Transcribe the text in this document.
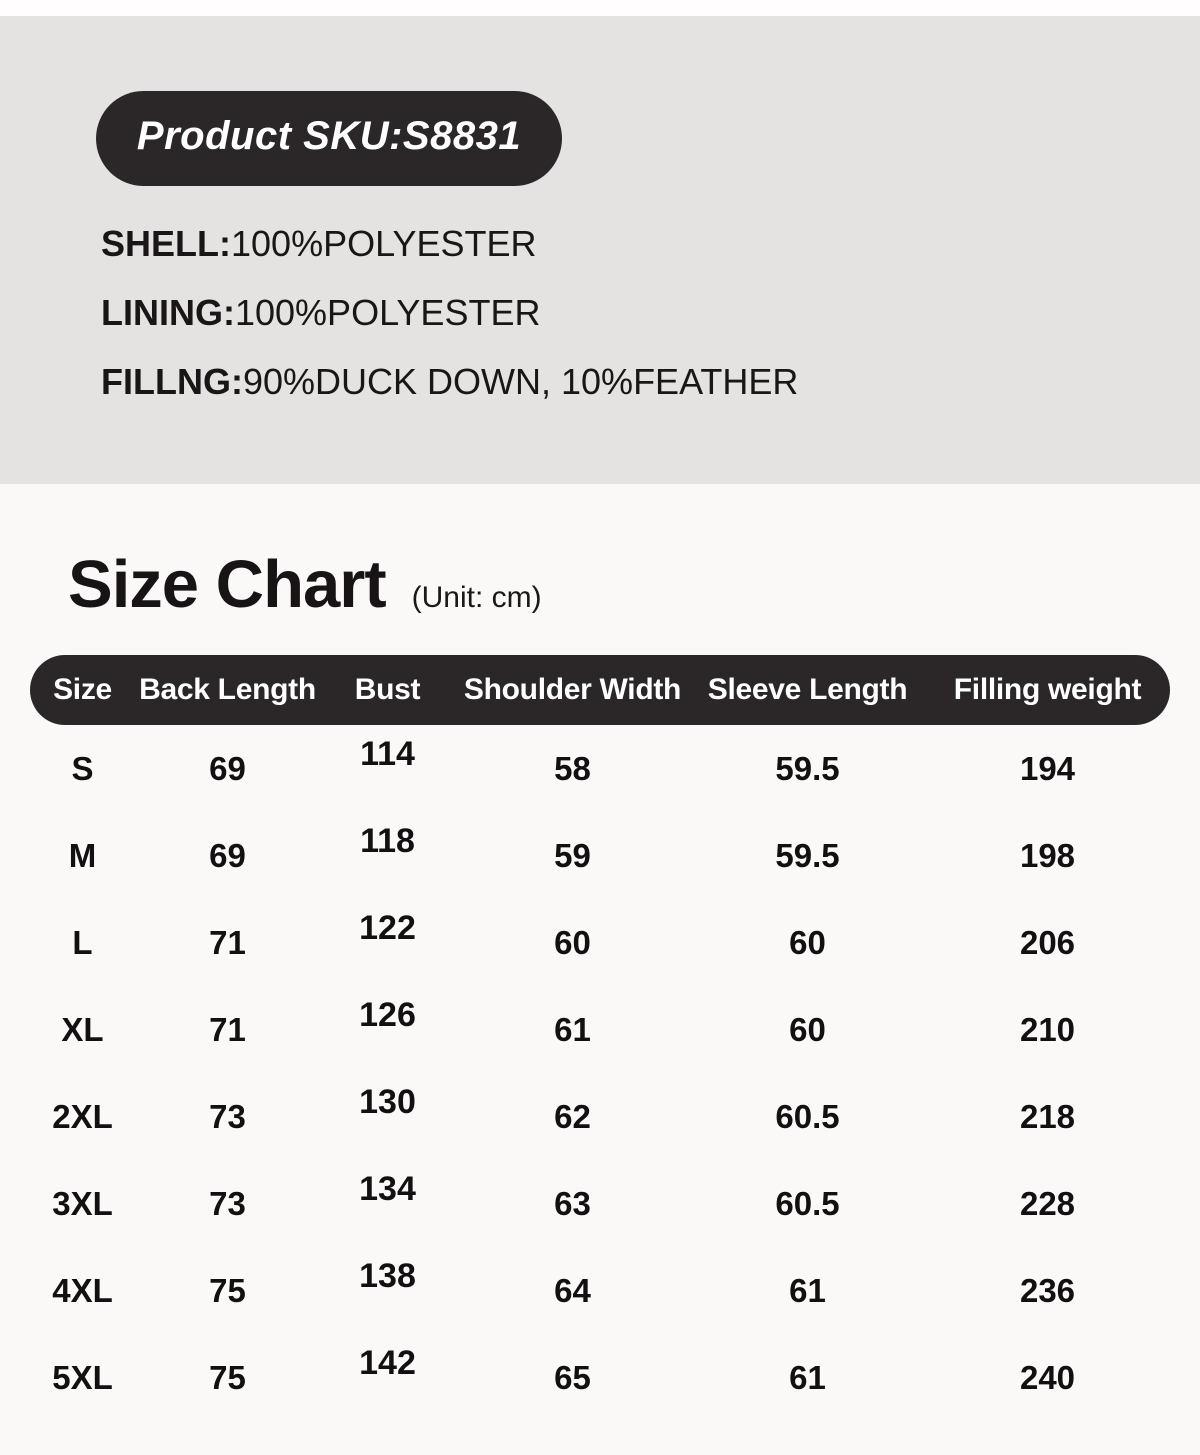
Product SKU:S8831

SHELL:100%POLYESTER

LINING:100%POLYESTER

FILLNG:90%DUCK DOWN, 10%FEATHER

Size Chart (Unit: cm)
Size	Back Length	Bust	Shoulder Width	Sleeve Length	Filling weight
S	69	114	58	59.5	194
M	69	118	59	59.5	198
L	71	122	60	60	206
XL	71	126	61	60	210
2XL	73	130	62	60.5	218
3XL	73	134	63	60.5	228
4XL	75	138	64	61	236
5XL	75	142	65	61	240
